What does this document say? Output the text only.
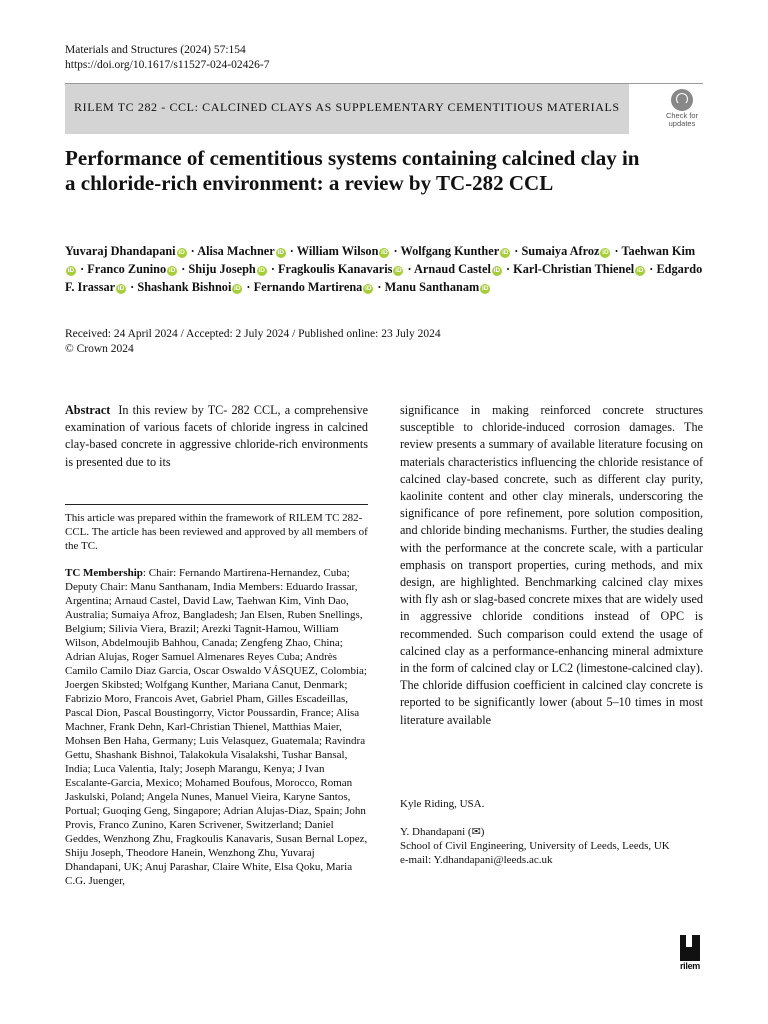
Materials and Structures (2024) 57:154
https://doi.org/10.1617/s11527-024-02426-7
RILEM TC 282 - CCL: CALCINED CLAYS AS SUPPLEMENTARY CEMENTITIOUS MATERIALS
Check for
updates
Performance of cementitious systems containing calcined clay in a chloride-rich environment: a review by TC-282 CCL
Yuvaraj Dhandapani iD · Alisa Machner iD · William Wilson iD · Wolfgang Kunther iD · Sumaiya Afroz iD · Taehwan KimiD · Franco Zunino iD · Shiju Joseph iD · Fragkoulis Kanavaris iD · Arnaud Castel iD · Karl-Christian Thienel iD · Edgardo F. Irassar iD · Shashank Bishnoi iD · Fernando Martirena iD · Manu Santhanam iD
Received: 24 April 2024 / Accepted: 2 July 2024 / Published online: 23 July 2024
© Crown 2024
Abstract In this review by TC- 282 CCL, a comprehensive examination of various facets of chloride ingress in calcined clay-based concrete in aggressive chloride-rich environments is presented due to its
This article was prepared within the framework of RILEM TC 282-CCL. The article has been reviewed and approved by all members of the TC.
TC Membership: Chair: Fernando Martirena-Hernandez, Cuba; Deputy Chair: Manu Santhanam, India Members: Eduardo Irassar, Argentina; Arnaud Castel, David Law, Taehwan Kim, Vinh Dao, Australia; Sumaiya Afroz, Bangladesh; Jan Elsen, Ruben Snellings, Belgium; Silivia Viera, Brazil; Arezki Tagnit-Hamou, William Wilson, Abdelmoujib Bahhou, Canada; Zengfeng Zhao, China; Adrian Alujas, Roger Samuel Almenares Reyes Cuba; Andrès Camilo Camilo Diaz Garcia, Oscar Oswaldo VÁSQUEZ, Colombia; Joergen Skibsted; Wolfgang Kunther, Mariana Canut, Denmark; Fabrizio Moro, Francois Avet, Gabriel Pham, Gilles Escadeillas, Pascal Dion, Pascal Boustingorry, Victor Poussardin, France; Alisa Machner, Frank Dehn, Karl-Christian Thienel, Matthias Maier, Mohsen Ben Haha, Germany; Luis Velasquez, Guatemala; Ravindra Gettu, Shashank Bishnoi, Talakokula Visalakshi, Tushar Bansal, India; Luca Valentia, Italy; Joseph Marangu, Kenya; J Ivan Escalante-Garcia, Mexico; Mohamed Boufous, Morocco, Roman Jaskulski, Poland; Angela Nunes, Manuel Vieira, Karyne Santos, Portual; Guoqing Geng, Singapore; Adrian Alujas-Diaz, Spain; John Provis, Franco Zunino, Karen Scrivener, Switzerland; Daniel Geddes, Wenzhong Zhu, Fragkoulis Kanavaris, Susan Bernal Lopez, Shiju Joseph, Theodore Hanein, Wenzhong Zhu, Yuvaraj Dhandapani, UK; Anuj Parashar, Claire White, Elsa Qoku, Maria C.G. Juenger,
significance in making reinforced concrete structures susceptible to chloride-induced corrosion damages. The review presents a summary of available literature focusing on materials characteristics influencing the chloride resistance of calcined clay-based concrete, such as different clay purity, kaolinite content and other clay minerals, underscoring the significance of pore refinement, pore solution composition, and chloride binding mechanisms. Further, the studies dealing with the performance at the concrete scale, with a particular emphasis on transport properties, curing methods, and mix design, are highlighted. Benchmarking calcined clay mixes with fly ash or slag-based concrete mixes that are widely used in aggressive chloride conditions instead of OPC is recommended. Such comparison could extend the usage of calcined clay as a performance-enhancing mineral admixture in the form of calcined clay or LC2 (limestone-calcined clay). The chloride diffusion coefficient in calcined clay concrete is reported to be significantly lower (about 5–10 times in most literature available
Kyle Riding, USA.
Y. Dhandapani (✉)
School of Civil Engineering, University of Leeds, Leeds, UK
e-mail: Y.dhandapani@leeds.ac.uk
rilem
